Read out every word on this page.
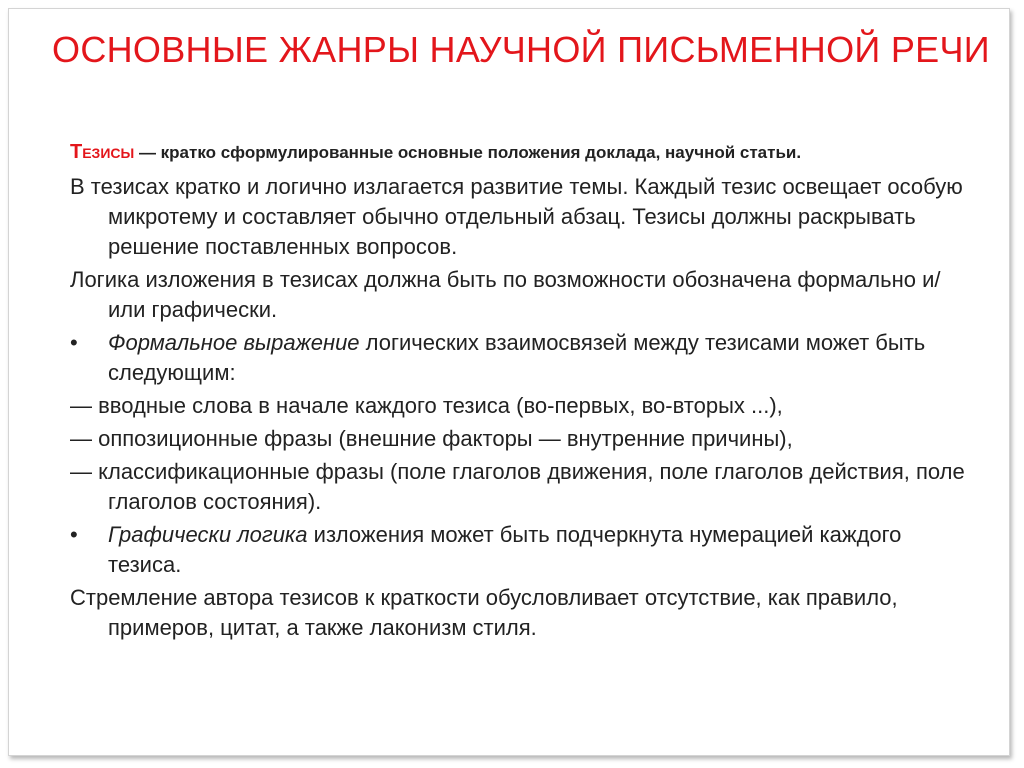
ОСНОВНЫЕ ЖАНРЫ НАУЧНОЙ ПИСЬМЕННОЙ РЕЧИ

Тезисы — кратко сформулированные основные положения доклада, научной статьи.

В тезисах кратко и логично излагается развитие темы. Каждый тезис освещает особую микротему и составляет обычно отдельный абзац. Тезисы должны раскрывать решение поставленных вопросов.

Логика изложения в тезисах должна быть по возможности обозначена формально и/или графически.

• Формальное выражение логических взаимосвязей между тезисами может быть следующим:

— вводные слова в начале каждого тезиса (во-первых, во-вторых ...),

— оппозиционные фразы (внешние факторы — внутренние причины),

— классификационные фразы (поле глаголов движения, поле глаголов действия, поле глаголов состояния).

• Графически логика изложения может быть подчеркнута нумерацией каждого тезиса.

Стремление автора тезисов к краткости обусловливает отсутствие, как правило, примеров, цитат, а также лаконизм стиля.
